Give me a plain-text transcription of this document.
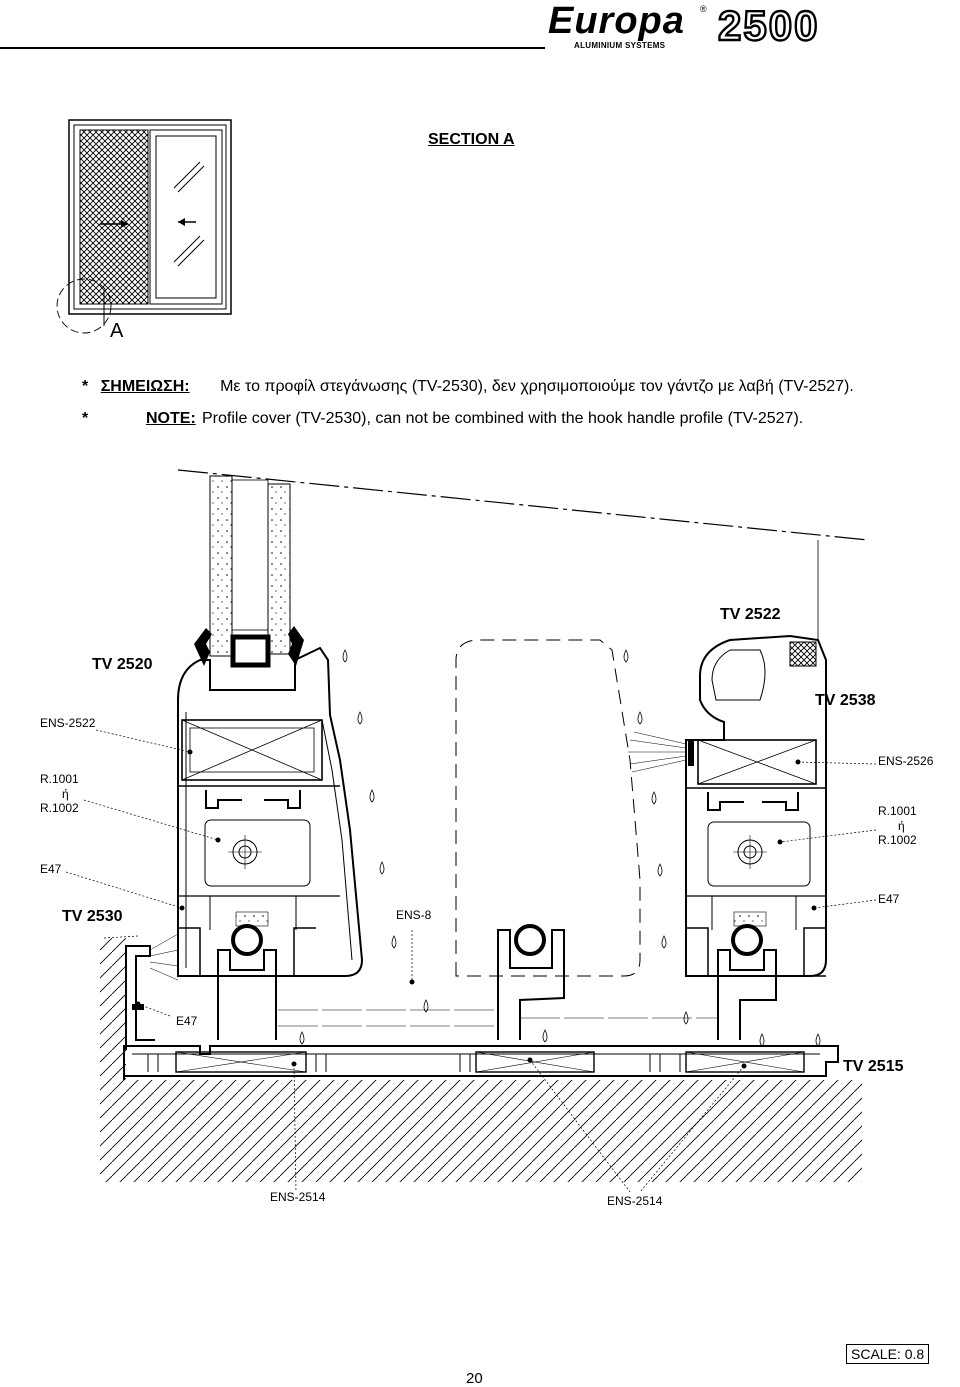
Europa ®
ALUMINIUM SYSTEMS 2500
SECTION A
A
* ΣΗΜΕΙΩΣΗ: Με το προφίλ στεγάνωσης (TV-2530), δεν χρησιμοποιούμε τον γάντζο με λαβή (TV-2527).
*	NOTE: Profile cover (TV-2530), can not be combined with the hook handle profile (TV-2527).
TV 2522
TV 2520
TV 2538
ENS-2522
ENS-2526
R.1001
ή
R.1002	R.1001
ή
R.1002
E47
E47
E47
TV 2530	ENS-8
TV 2515
ENS-2514	ENS-2514
SCALE: 0.8
20
